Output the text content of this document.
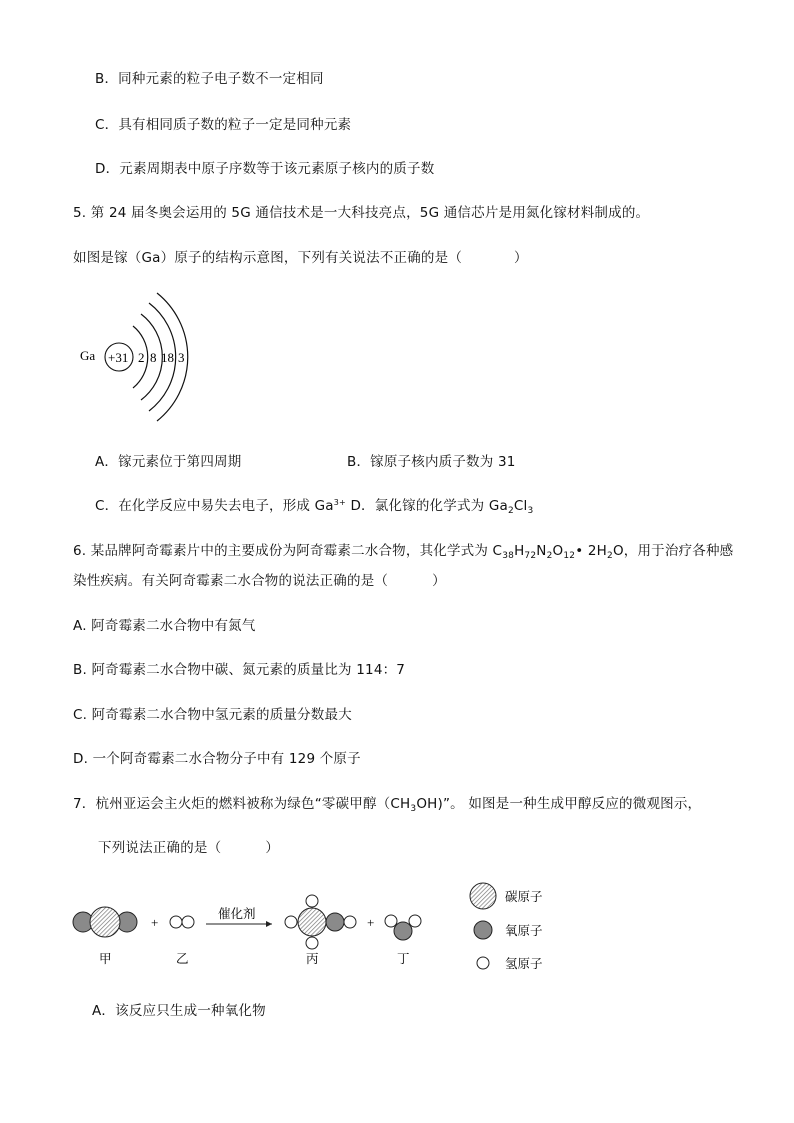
B．同种元素的粒子电子数不一定相同
C．具有相同质子数的粒子一定是同种元素
D．元素周期表中原子序数等于该元素原子核内的质子数
5. 第 24 届冬奥会运用的 5G 通信技术是一大科技亮点，5G 通信芯片是用氮化镓材料制成的。
如图是镓（Ga）原子的结构示意图，下列有关说法不正确的是（	）
Ga +31 2 8 18 3
A．镓元素位于第四周期	B．镓原子核内质子数为 31
C．在化学反应中易失去电子，形成 $Ga^{3+}$ D．氯化镓的化学式为 $Ga_2Cl_3$
6. 某品牌阿奇霉素片中的主要成份为阿奇霉素二水合物，其化学式为 $C_{38}H_{72}N_2O_{12}•$ $2H_2O$，用于治疗各种感
染性疾病。有关阿奇霉素二水合物的说法正确的是（	）
A. 阿奇霉素二水合物中有氮气
B. 阿奇霉素二水合物中碳、氮元素的质量比为 114：7
C. 阿奇霉素二水合物中氢元素的质量分数最大
D. 一个阿奇霉素二水合物分子中有 129 个原子
7．杭州亚运会主火炬的燃料被称为绿色“零碳甲醇$(CH_3OH)$”。 如图是一种生成甲醇反应的微观图示，
下列说法正确的是（	）
+
催化剂
+
甲	乙	丙	丁
碳原子
氧原子
氢原子
A．该反应只生成一种氧化物
